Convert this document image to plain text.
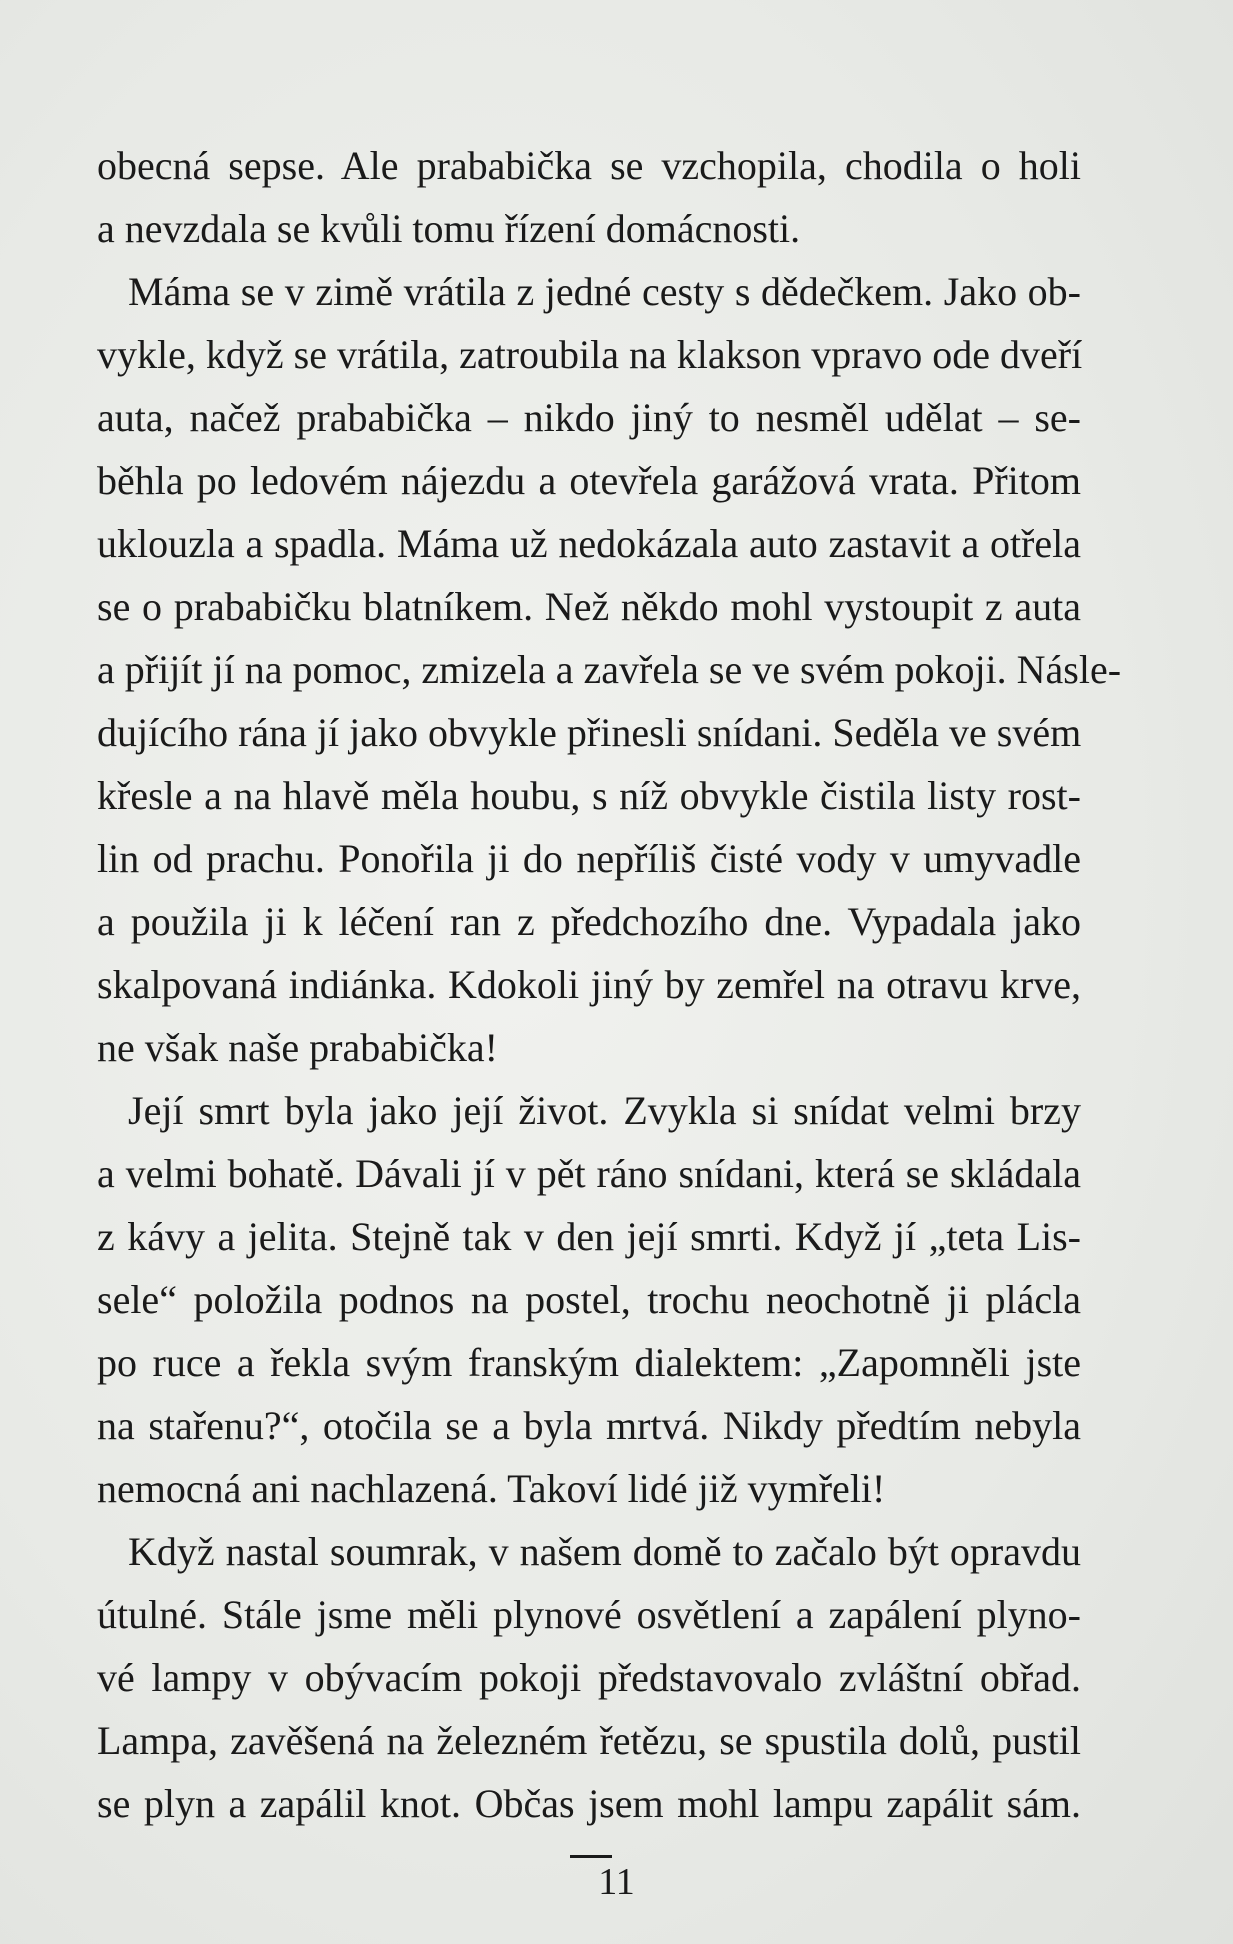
obecná sepse. Ale prababička se vzchopila, chodila o holi
a nevzdala se kvůli tomu řízení domácnosti.
Máma se v zimě vrátila z jedné cesty s dědečkem. Jako ob-
vykle, když se vrátila, zatroubila na klakson vpravo ode dveří
auta, načež prababička – nikdo jiný to nesměl udělat – se-
běhla po ledovém nájezdu a otevřela garážová vrata. Přitom
uklouzla a spadla. Máma už nedokázala auto zastavit a otřela
se o prababičku blatníkem. Než někdo mohl vystoupit z auta
a přijít jí na pomoc, zmizela a zavřela se ve svém pokoji. Násle-
dujícího rána jí jako obvykle přinesli snídani. Seděla ve svém
křesle a na hlavě měla houbu, s níž obvykle čistila listy rost-
lin od prachu. Ponořila ji do nepříliš čisté vody v umyvadle
a použila ji k léčení ran z předchozího dne. Vypadala jako
skalpovaná indiánka. Kdokoli jiný by zemřel na otravu krve,
ne však naše prababička!
Její smrt byla jako její život. Zvykla si snídat velmi brzy
a velmi bohatě. Dávali jí v pět ráno snídani, která se skládala
z kávy a jelita. Stejně tak v den její smrti. Když jí „teta Lis-
sele“ položila podnos na postel, trochu neochotně ji plácla
po ruce a řekla svým franským dialektem: „Zapomněli jste
na stařenu?“, otočila se a byla mrtvá. Nikdy předtím nebyla
nemocná ani nachlazená. Takoví lidé již vymřeli!
Když nastal soumrak, v našem domě to začalo být opravdu
útulné. Stále jsme měli plynové osvětlení a zapálení plyno-
vé lampy v obývacím pokoji představovalo zvláštní obřad.
Lampa, zavěšená na železném řetězu, se spustila dolů, pustil
se plyn a zapálil knot. Občas jsem mohl lampu zapálit sám.
11
